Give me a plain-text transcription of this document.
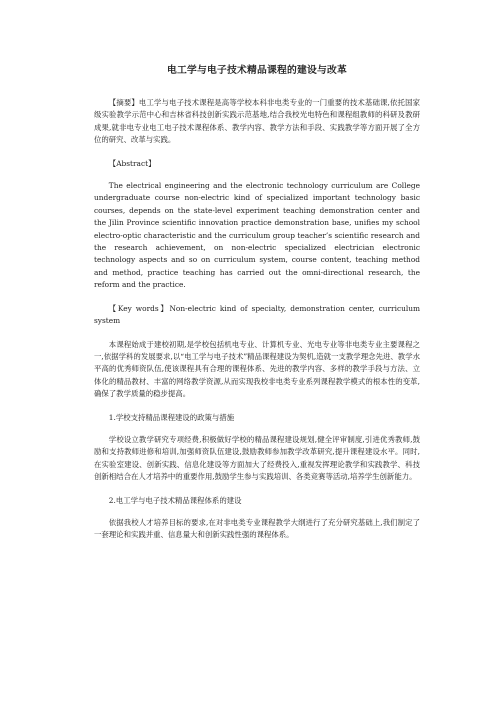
电工学与电子技术精品课程的建设与改革

【摘要】电工学与电子技术课程是高等学校本科非电类专业的一门重要的技术基础课,依托国家级实验教学示范中心和吉林省科技创新实践示范基地,结合我校光电特色和课程组教师的科研及教研成果,就非电专业电工电子技术课程体系、教学内容、教学方法和手段、实践教学等方面开展了全方位的研究、改革与实践。

【Abstract】

The electrical engineering and the electronic technology curriculum are College undergraduate course non-electric kind of specialized important technology basic courses, depends on the state-level experiment teaching demonstration center and the Jilin Province scientific innovation practice demonstration base, unifies my school electro-optic characteristic and the curriculum group teacher’s scientific research and the research achievement, on non-electric specialized electrician electronic technology aspects and so on curriculum system, course content, teaching method and method, practice teaching has carried out the omni-directional research, the reform and the practice.

【Key words】Non-electric kind of specialty, demonstration center, curriculum system

本课程始成于建校初期,是学校包括机电专业、计算机专业、光电专业等非电类专业主要课程之一,依据学科的发展要求,以“电工学与电子技术”精品课程建设为契机,造就一支教学理念先进、教学水平高的优秀师资队伍,使该课程具有合理的课程体系、先进的教学内容、多样的教学手段与方法、立体化的精品教材、丰富的网络教学资源,从而实现我校非电类专业系列课程教学模式的根本性的变革,确保了教学质量的稳步提高。

1.学校支持精品课程建设的政策与措施

学校设立教学研究专项经费,积极做好学校的精品课程建设规划,健全评审制度,引进优秀教师,鼓励和支持教师进修和培训,加强师资队伍建设,鼓励教师参加教学改革研究,提升课程建设水平。同时,在实验室建设、创新实践、信息化建设等方面加大了经费投入,重视发挥理论教学和实践教学、科技创新相结合在人才培养中的重要作用,鼓励学生参与实践培训、各类竞赛等活动,培养学生创新能力。

2.电工学与电子技术精品课程体系的建设

依据我校人才培养目标的要求,在对非电类专业课程教学大纲进行了充分研究基础上,我们制定了一套理论和实践并重、信息量大和创新实践性强的课程体系。
